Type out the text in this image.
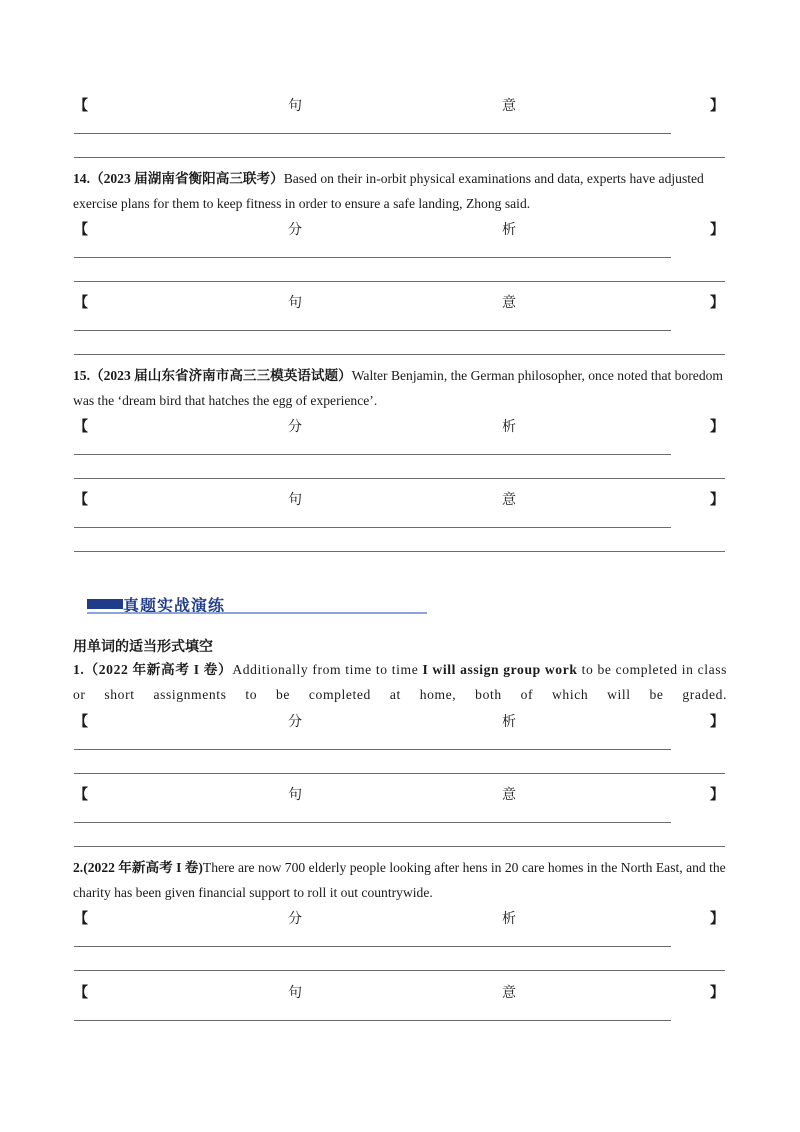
【	句	意	】
14.（2023 届湖南省衡阳高三联考）Based on their in-orbit physical examinations and data, experts have adjusted exercise plans for them to keep fitness in order to ensure a safe landing, Zhong said.
【	分	析	】
【	句	意	】
15.（2023 届山东省济南市高三三模英语试题）Walter Benjamin, the German philosopher, once noted that boredom was the ‘dream bird that hatches the egg of experience’.
【	分	析	】
【	句	意	】
真题实战演练
用单词的适当形式填空
1.（2022 年新高考 I 卷）Additionally from time to time I will assign group work to be completed in class or short assignments to be completed at home, both of which will be graded.
【	分	析	】
【	句	意	】
2.(2022 年新高考 I 卷)There are now 700 elderly people looking after hens in 20 care homes in the North East, and the charity has been given financial support to roll it out countrywide.
【	分	析	】
【	句	意	】
